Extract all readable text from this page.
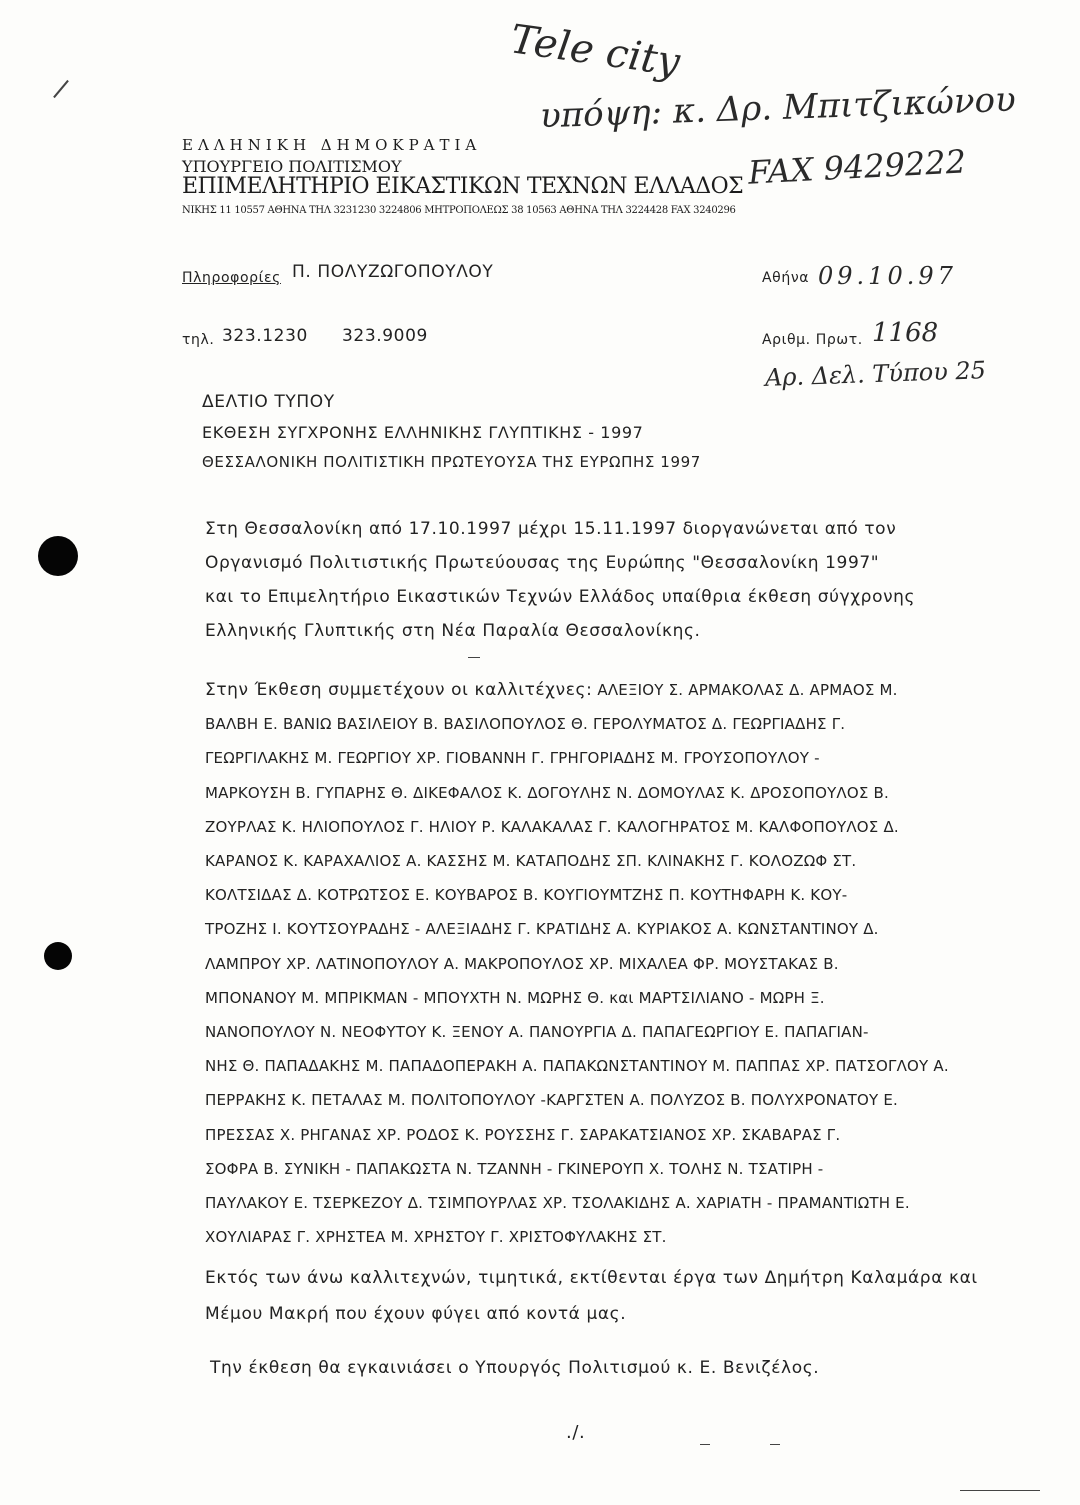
Tele city
υπόψη: κ. Δρ. Μπιτζικώνου
FAX 9429222
ΕΛΛΗΝΙΚΗ ΔΗΜΟΚΡΑΤΙΑ
ΥΠΟΥΡΓΕΙΟ ΠΟΛΙΤΙΣΜΟΥ
ΕΠΙΜΕΛΗΤΗΡΙΟ ΕΙΚΑΣΤΙΚΩΝ ΤΕΧΝΩΝ ΕΛΛΑΔΟΣ
ΝΙΚΗΣ 11 10557 ΑΘΗΝΑ ΤΗΛ 3231230 3224806 ΜΗΤΡΟΠΟΛΕΩΣ 38 10563 ΑΘΗΝΑ ΤΗΛ 3224428 FAX 3240296
Πληροφορίες Π. ΠΟΛΥΖΩΓΟΠΟΥΛΟΥ	Αθήνα 09.10.97
τηλ. 323.1230 323.9009	Αριθμ. Πρωτ. 1168
Αρ. Δελ. Τύπου 25
ΔΕΛΤΙΟ ΤΥΠΟΥ
ΕΚΘΕΣΗ ΣΥΓΧΡΟΝΗΣ ΕΛΛΗΝΙΚΗΣ ΓΛΥΠΤΙΚΗΣ - 1997
ΘΕΣΣΑΛΟΝΙΚΗ ΠΟΛΙΤΙΣΤΙΚΗ ΠΡΩΤΕΥΟΥΣΑ ΤΗΣ ΕΥΡΩΠΗΣ 1997

Στη Θεσσαλονίκη από 17.10.1997 μέχρι 15.11.1997 διοργανώνεται από τον

Οργανισμό Πολιτιστικής Πρωτεύουσας της Ευρώπης "Θεσσαλονίκη 1997"

και το Επιμελητήριο Εικαστικών Τεχνών Ελλάδος υπαίθρια έκθεση σύγχρονης

Ελληνικής Γλυπτικής στη Νέα Παραλία Θεσσαλονίκης.

Στην Έκθεση συμμετέχουν οι καλλιτέχνες: ΑΛΕΞΙΟΥ Σ. ΑΡΜΑΚΟΛΑΣ Δ. ΑΡΜΑΟΣ Μ.

ΒΑΛΒΗ Ε. ΒΑΝΙΩ ΒΑΣΙΛΕΙΟΥ Β. ΒΑΣΙΛΟΠΟΥΛΟΣ Θ. ΓΕΡΟΛΥΜΑΤΟΣ Δ. ΓΕΩΡΓΙΑΔΗΣ Γ.

ΓΕΩΡΓΙΛΑΚΗΣ Μ. ΓΕΩΡΓΙΟΥ ΧΡ. ΓΙΟΒΑΝΝΗ Γ. ΓΡΗΓΟΡΙΑΔΗΣ Μ. ΓΡΟΥΣΟΠΟΥΛΟΥ -

ΜΑΡΚΟΥΣΗ Β. ΓΥΠΑΡΗΣ Θ. ΔΙΚΕΦΑΛΟΣ Κ. ΔΟΓΟΥΛΗΣ Ν. ΔΟΜΟΥΛΑΣ Κ. ΔΡΟΣΟΠΟΥΛΟΣ Β.

ΖΟΥΡΛΑΣ Κ. ΗΛΙΟΠΟΥΛΟΣ Γ. ΗΛΙΟΥ Ρ. ΚΑΛΑΚΑΛΑΣ Γ. ΚΑΛΟΓΗΡΑΤΟΣ Μ. ΚΑΛΦΟΠΟΥΛΟΣ Δ.

ΚΑΡΑΝΟΣ Κ. ΚΑΡΑΧΑΛΙΟΣ Α. ΚΑΣΣΗΣ Μ. ΚΑΤΑΠΟΔΗΣ ΣΠ. ΚΛΙΝΑΚΗΣ Γ. ΚΟΛΟΖΩΦ ΣΤ.

ΚΟΛΤΣΙΔΑΣ Δ. ΚΟΤΡΩΤΣΟΣ Ε. ΚΟΥΒΑΡΟΣ Β. ΚΟΥΓΙΟΥΜΤΖΗΣ Π. ΚΟΥΤΗΦΑΡΗ Κ. ΚΟΥ-

ΤΡΟΖΗΣ Ι. ΚΟΥΤΣΟΥΡΑΔΗΣ - ΑΛΕΞΙΑΔΗΣ Γ. ΚΡΑΤΙΔΗΣ Α. ΚΥΡΙΑΚΟΣ Α. ΚΩΝΣΤΑΝΤΙΝΟΥ Δ.

ΛΑΜΠΡΟΥ ΧΡ. ΛΑΤΙΝΟΠΟΥΛΟΥ Α. ΜΑΚΡΟΠΟΥΛΟΣ ΧΡ. ΜΙΧΑΛΕΑ ΦΡ. ΜΟΥΣΤΑΚΑΣ Β.

ΜΠΟΝΑΝΟΥ Μ. ΜΠΡΙΚΜΑΝ - ΜΠΟΥΧΤΗ Ν. ΜΩΡΗΣ Θ. και ΜΑΡΤΣΙΛΙΑΝΟ - ΜΩΡΗ Ξ.

ΝΑΝΟΠΟΥΛΟΥ Ν. ΝΕΟΦΥΤΟΥ Κ. ΞΕΝΟΥ Α. ΠΑΝΟΥΡΓΙΑ Δ. ΠΑΠΑΓΕΩΡΓΙΟΥ Ε. ΠΑΠΑΓΙΑΝ-

ΝΗΣ Θ. ΠΑΠΑΔΑΚΗΣ Μ. ΠΑΠΑΔΟΠΕΡΑΚΗ Α. ΠΑΠΑΚΩΝΣΤΑΝΤΙΝΟΥ Μ. ΠΑΠΠΑΣ ΧΡ. ΠΑΤΣΟΓΛΟΥ Α.

ΠΕΡΡΑΚΗΣ Κ. ΠΕΤΑΛΑΣ Μ. ΠΟΛΙΤΟΠΟΥΛΟΥ -ΚΑΡΓΣΤΕΝ Α. ΠΟΛΥΖΟΣ Β. ΠΟΛΥΧΡΟΝΑΤΟΥ Ε.

ΠΡΕΣΣΑΣ Χ. ΡΗΓΑΝΑΣ ΧΡ. ΡΟΔΟΣ Κ. ΡΟΥΣΣΗΣ Γ. ΣΑΡΑΚΑΤΣΙΑΝΟΣ ΧΡ. ΣΚΑΒΑΡΑΣ Γ.

ΣΟΦΡΑ Β. ΣΥΝΙΚΗ - ΠΑΠΑΚΩΣΤΑ Ν. ΤΖΑΝΝΗ - ΓΚΙΝΕΡΟΥΠ Χ. ΤΟΛΗΣ Ν. ΤΣΑΤΙΡΗ -

ΠΑΥΛΑΚΟΥ Ε. ΤΣΕΡΚΕΖΟΥ Δ. ΤΣΙΜΠΟΥΡΛΑΣ ΧΡ. ΤΣΟΛΑΚΙΔΗΣ Α. ΧΑΡΙΑΤΗ - ΠΡΑΜΑΝΤΙΩΤΗ Ε.

ΧΟΥΛΙΑΡΑΣ Γ. ΧΡΗΣΤΕΑ Μ. ΧΡΗΣΤΟΥ Γ. ΧΡΙΣΤΟΦΥΛΑΚΗΣ ΣΤ.

Εκτός των άνω καλλιτεχνών, τιμητικά, εκτίθενται έργα των Δημήτρη Καλαμάρα και

Μέμου Μακρή που έχουν φύγει από κοντά μας.

Την έκθεση θα εγκαινιάσει ο Υπουργός Πολιτισμού κ. Ε. Βενιζέλος.
./.
